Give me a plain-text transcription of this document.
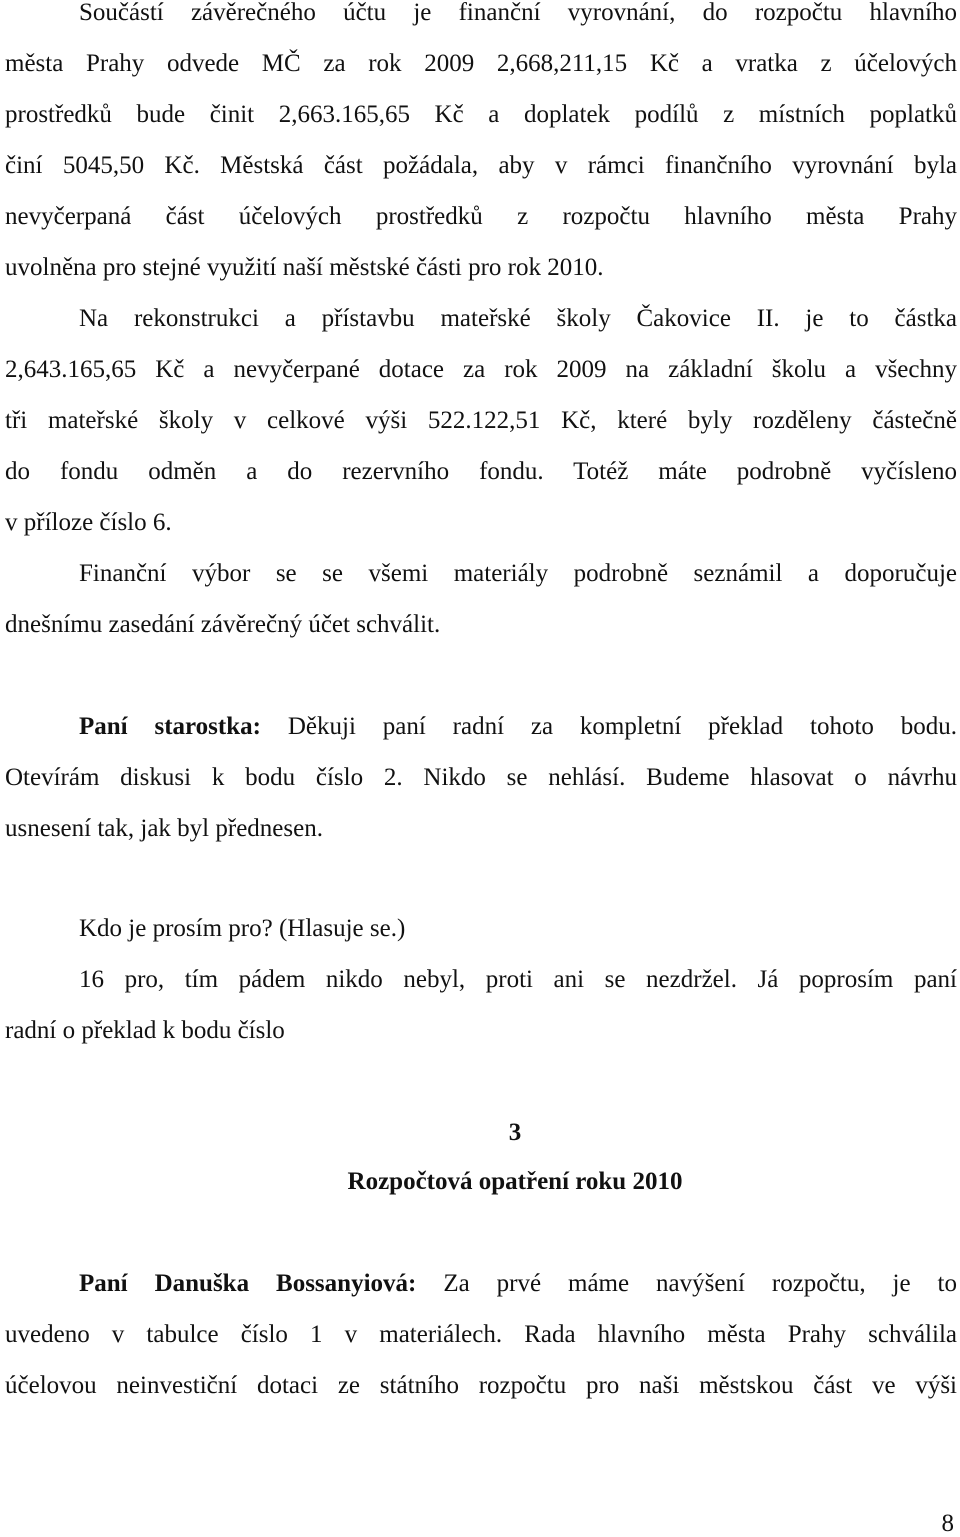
Součástí závěrečného účtu je finanční vyrovnání, do rozpočtu hlavního
města Prahy odvede MČ za rok 2009 2,668,211,15 Kč a vratka z účelových
prostředků bude činit 2,663.165,65 Kč a doplatek podílů z místních poplatků
činí 5045,50 Kč. Městská část požádala, aby v rámci finančního vyrovnání byla
nevyčerpaná část účelových prostředků z rozpočtu hlavního města Prahy
uvolněna pro stejné využití naší městské části pro rok 2010.
Na rekonstrukci a přístavbu mateřské školy Čakovice II. je to částka
2,643.165,65 Kč a nevyčerpané dotace za rok 2009 na základní školu a všechny
tři mateřské školy v celkové výši 522.122,51 Kč, které byly rozděleny částečně
do fondu odměn a do rezervního fondu. Totéž máte podrobně vyčísleno
v příloze číslo 6.
Finanční výbor se se všemi materiály podrobně seznámil a doporučuje
dnešnímu zasedání závěrečný účet schválit.
Paní starostka: Děkuji paní radní za kompletní překlad tohoto bodu.
Otevírám diskusi k bodu číslo 2. Nikdo se nehlásí. Budeme hlasovat o návrhu
usnesení tak, jak byl přednesen.
Kdo je prosím pro? (Hlasuje se.)
16 pro, tím pádem nikdo nebyl, proti ani se nezdržel. Já poprosím paní
radní o překlad k bodu číslo
3
Rozpočtová opatření roku 2010
Paní Danuška Bossanyiová: Za prvé máme navýšení rozpočtu, je to
uvedeno v tabulce číslo 1 v materiálech. Rada hlavního města Prahy schválila
účelovou neinvestiční dotaci ze státního rozpočtu pro naši městskou část ve výši
8
